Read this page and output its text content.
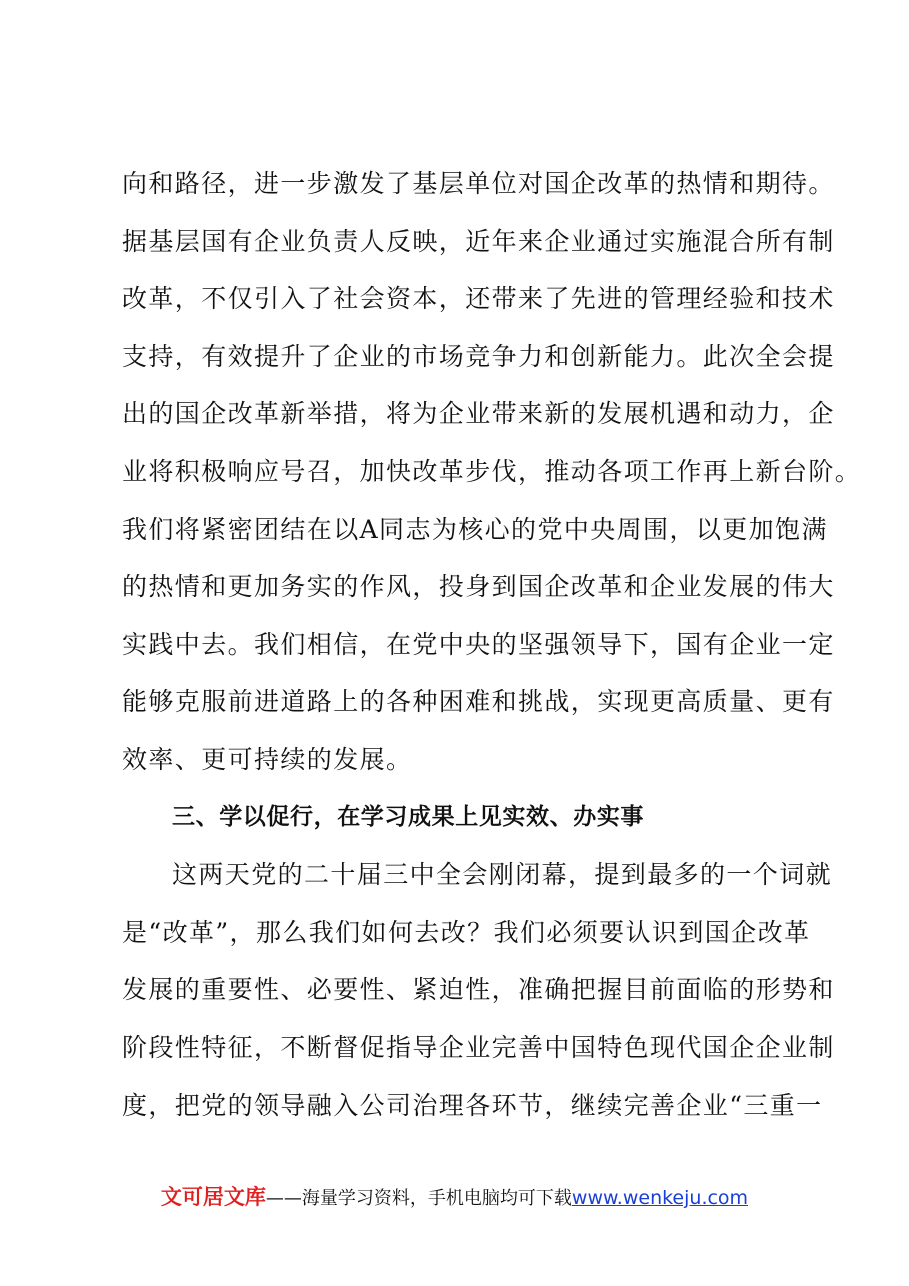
向和路径，进一步激发了基层单位对国企改革的热情和期待。
据基层国有企业负责人反映，近年来企业通过实施混合所有制
改革，不仅引入了社会资本，还带来了先进的管理经验和技术
支持，有效提升了企业的市场竞争力和创新能力。此次全会提
出的国企改革新举措，将为企业带来新的发展机遇和动力，企
业将积极响应号召，加快改革步伐，推动各项工作再上新台阶。
我们将紧密团结在以A同志为核心的党中央周围，以更加饱满
的热情和更加务实的作风，投身到国企改革和企业发展的伟大
实践中去。我们相信，在党中央的坚强领导下，国有企业一定
能够克服前进道路上的各种困难和挑战，实现更高质量、更有
效率、更可持续的发展。
三、学以促行，在学习成果上见实效、办实事
这两天党的二十届三中全会刚闭幕，提到最多的一个词就
是“改革”，那么我们如何去改？我们必须要认识到国企改革
发展的重要性、必要性、紧迫性，准确把握目前面临的形势和
阶段性特征，不断督促指导企业完善中国特色现代国企企业制
度，把党的领导融入公司治理各环节，继续完善企业“三重一
文可居文库——海量学习资料，手机电脑均可下载www.wenkeju.com
